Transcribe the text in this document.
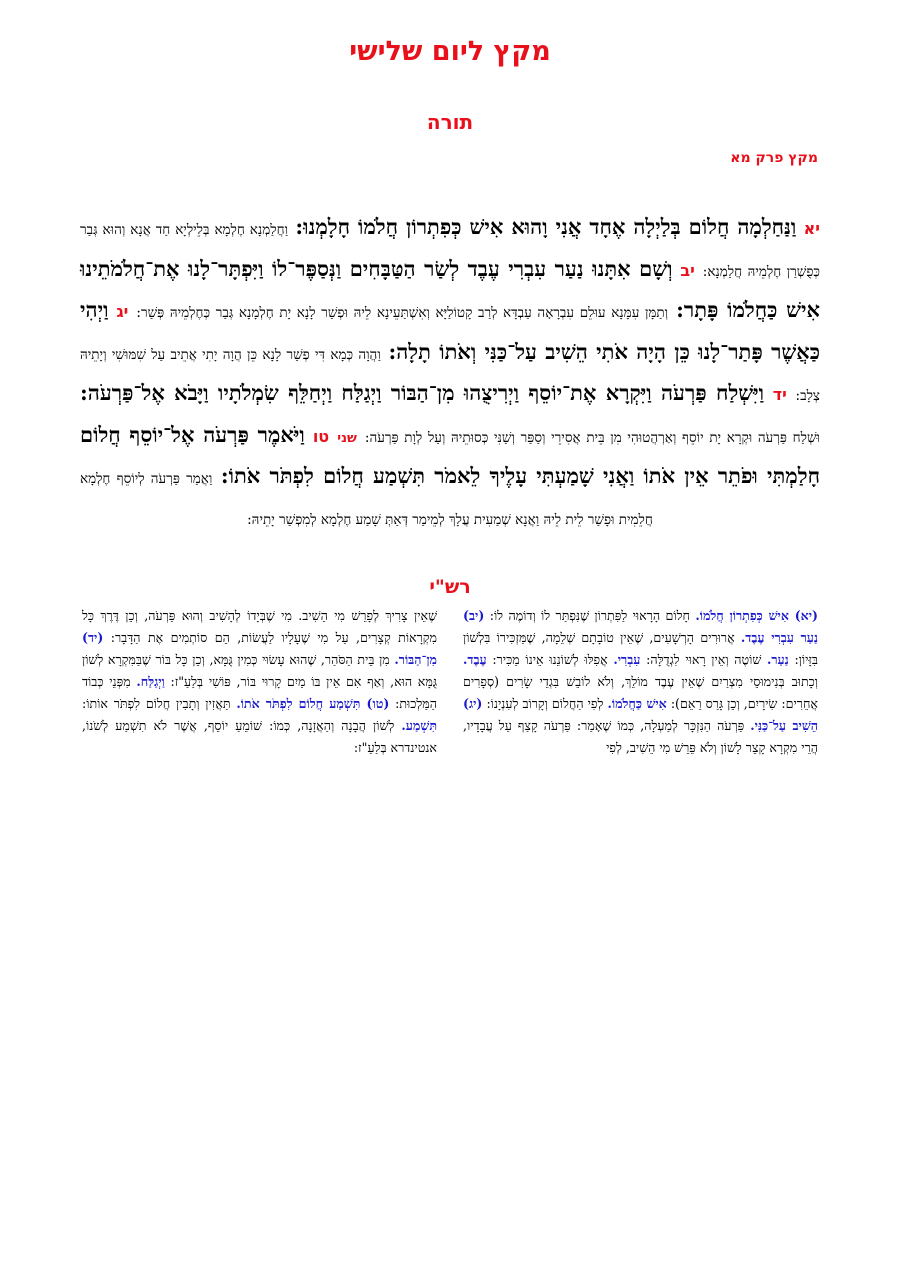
מקץ ליום שלישי
תורה
מקץ פרק מא
יא וַנַּחַלְמָה חֲלוֹם בְּלַיְלָה אֶחָד אֲנִי וָהוּא אִישׁ כְּפִתְרוֹן חֲלֹמוֹ חָלָמְנוּ: וַחֲלַמְנָא חֶלְמָא בְּלֵילְיָא חַד אֲנָא וְהוּא גְּבַר כְּפֻשְׁרַן חֶלְמֵיהּ חֲלַמְנָא: יב וְשָׁם אִתָּנוּ נַעַר עִבְרִי עֶבֶד לְשַׂר הַטַּבָּחִים וַנְּסַפֶּר־לוֹ וַיִּפְתָּר־לָנוּ אֶת־חֲלֹמֹתֵינוּ אִישׁ כַּחֲלֹמוֹ פָּתָר: וְתַמָּן עִמָּנָא עוּלֵם עִבְרָאָה עַבְדָּא לְרַב קָטוֹלַיָּא וְאִשְׁתַּעֵינָא לֵיהּ וּפְשַׁר לָנָא יָת חֶלְמָנָא גְּבַר כְּחֶלְמֵיהּ פְּשַׁר: יג וַיְהִי כַּאֲשֶׁר פָּתַר־לָנוּ כֵּן הָיָה אֹתִי הֵשִׁיב עַל־כַּנִּי וְאֹתוֹ תָלָה: וַהֲוָה כְּמָא דִּי פְשַׁר לָנָא כֵּן הֲוָה יָתִי אֲתֵיב עַל שִׁמּוּשִׁי וְיָתֵיהּ צְלָב: יד וַיִּשְׁלַח פַּרְעֹה וַיִּקְרָא אֶת־יוֹסֵף וַיְרִיצֻהוּ מִן־הַבּוֹר וַיְגַלַּח וַיְחַלֵּף שִׂמְלֹתָיו וַיָּבֹא אֶל־פַּרְעֹה: וּשְׁלַח פַּרְעֹה וּקְרָא יָת יוֹסֵף וְאַרְהֲטוּהִי מִן בֵּית אֲסִירֵי וְסַפַּר וְשַׁנִּי כְּסוּתֵיהּ וְעַל לְוָת פַּרְעֹה: שני טו וַיֹּאמֶר פַּרְעֹה אֶל־יוֹסֵף חֲלוֹם חָלַמְתִּי וּפֹתֵר אֵין אֹתוֹ וַאֲנִי שָׁמַעְתִּי עָלֶיךָ לֵאמֹר תִּשְׁמַע חֲלוֹם לִפְתֹּר אֹתוֹ: וַאֲמַר פַּרְעֹה לְיוֹסֵף חֶלְמָא חֲלֵמִית וּפָשַׁר לֵית לֵיהּ וַאֲנָא שְׁמַעִית עֲלָךְ לְמֵימַר דְּאַתְּ שָׁמַע חֶלְמָא לְמִפְשַׁר יָתֵיהּ:
רש"י
(יא) אִישׁ כְּפִתְרוֹן חֲלֹמוֹ. חָלוֹם הָרָאוּי לַפִּתְרוֹן שֶׁנִּפְתַּר לוֹ וְדוֹמֶה לוֹ: (יב) נַעַר עִבְרִי עֶבֶד. אֲרוּרִים הָרְשָׁעִים, שֶׁאֵין טוֹבָתָם שְׁלֵמָה, שֶׁמַּזְכִּירוֹ בִּלְשׁוֹן בִּזָּיוֹן: נַעַר. שׁוֹטֶה וְאֵין רָאוּי לִגְדֻלָּה: עִבְרִי. אֲפִלּוּ לְשׁוֹנֵנוּ אֵינוֹ מַכִּיר: עֶבֶד. וְכָתוּב בְּנִימוּסֵי מִצְרַיִם שֶׁאֵין עֶבֶד מוֹלֵךְ, וְלֹא לוֹבֵשׁ בִּגְדֵי שָׂרִים (סְפָרִים אֲחֵרִים: שִׂירָיִם, וְכֵן גָּרַס רַאֵם): אִישׁ כַּחֲלֹמוֹ. לְפִי הַחֲלוֹם וְקָרוֹב לְעִנְיָנוֹ: (יג) הֵשִׁיב עַל־כַּנִּי. פַּרְעֹה הַנִּזְכָּר לְמַעְלָה, כְּמוֹ שֶׁאָמַר: פַּרְעֹה קָצַף עַל עֲבָדָיו, הֲרֵי מִקְרָא קָצֵר לָשׁוֹן וְלֹא פֵּרֵשׁ מִי הֵשִׁיב, לְפִי
שֶׁאֵין צָרִיךְ לְפָרֵשׁ מִי הֵשִׁיב. מִי שֶׁבְּיָדוֹ לְהָשִׁיב וְהוּא פַּרְעֹה, וְכֵן דֶּרֶךְ כָּל מִקְרָאוֹת קְצָרִים, עַל מִי שֶׁעָלָיו לַעֲשׂוֹת, הֵם סוֹתְמִים אֶת הַדָּבָר: (יד) מִן־הַבּוֹר. מִן בֵּית הַסֹּהַר, שֶׁהוּא עָשׂוּי כְּמִין גֻּמָּא, וְכֵן כָּל בּוֹר שֶׁבַּמִּקְרָא לְשׁוֹן גֻּמָּא הוּא, וְאַף אִם אֵין בּוֹ מַיִם קָרוּי בּוֹר, פּוֹשִׁי בְּלַעַ"ז: וַיְגַלַּח. מִפְּנֵי כְּבוֹד הַמַּלְכוּת: (טו) תִּשְׁמַע חֲלוֹם לִפְתֹּר אֹתוֹ. תַּאֲזִין וְתָבִין חֲלוֹם לִפְתֹּר אוֹתוֹ: תִּשְׁמַע. לְשׁוֹן הֲבָנָה וְהַאֲזָנָה, כְּמוֹ: שׁוֹמֵעַ יוֹסֵף, אֲשֶׁר לֹא תִשְׁמַע לְשֹׁנוֹ, אנטינדרא בְּלַעַ"ז:
